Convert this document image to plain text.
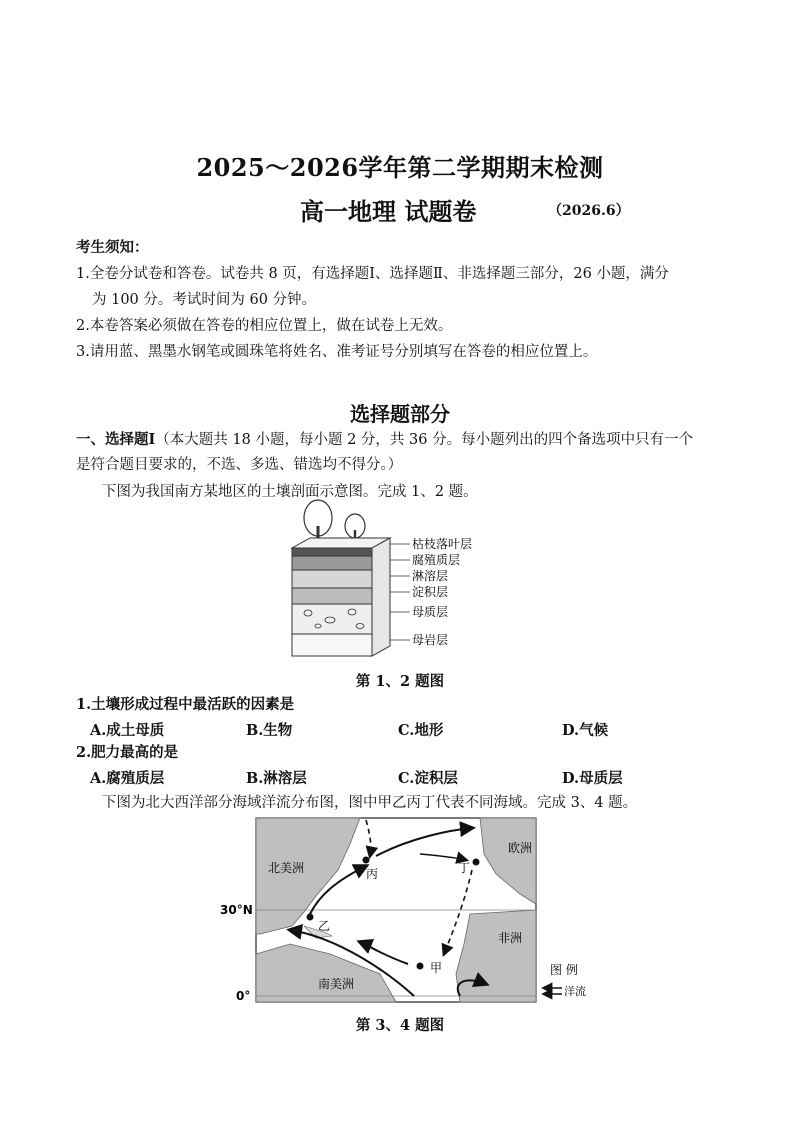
2025～2026学年第二学期期末检测
高一地理 试题卷	（2026.6）
考生须知：
1.全卷分试卷和答卷。试卷共 8 页，有选择题Ⅰ、选择题Ⅱ、非选择题三部分，26 小题，满分
为 100 分。考试时间为 60 分钟。
2.本卷答案必须做在答卷的相应位置上，做在试卷上无效。
3.请用蓝、黑墨水钢笔或圆珠笔将姓名、准考证号分别填写在答卷的相应位置上。
选择题部分
一、选择题Ⅰ（本大题共 18 小题，每小题 2 分，共 36 分。每小题列出的四个备选项中只有一个
是符合题目要求的，不选、多选、错选均不得分。）
下图为我国南方某地区的土壤剖面示意图。完成 1、2 题。
枯枝落叶层
腐殖质层
淋溶层
淀积层
母质层
母岩层
第 1、2 题图
1.土壤形成过程中最活跃的因素是
A.成土母质	B.生物	C.地形	D.气候
2.肥力最高的是
A.腐殖质层	B.淋溶层	C.淀积层	D.母质层
下图为北大西洋部分海域洋流分布图，图中甲乙丙丁代表不同海域。完成 3、4 题。
甲
乙
丙	丁
北美洲
欧洲
非洲
南美洲
30°N
0°
图 例
洋流
第 3、4 题图
